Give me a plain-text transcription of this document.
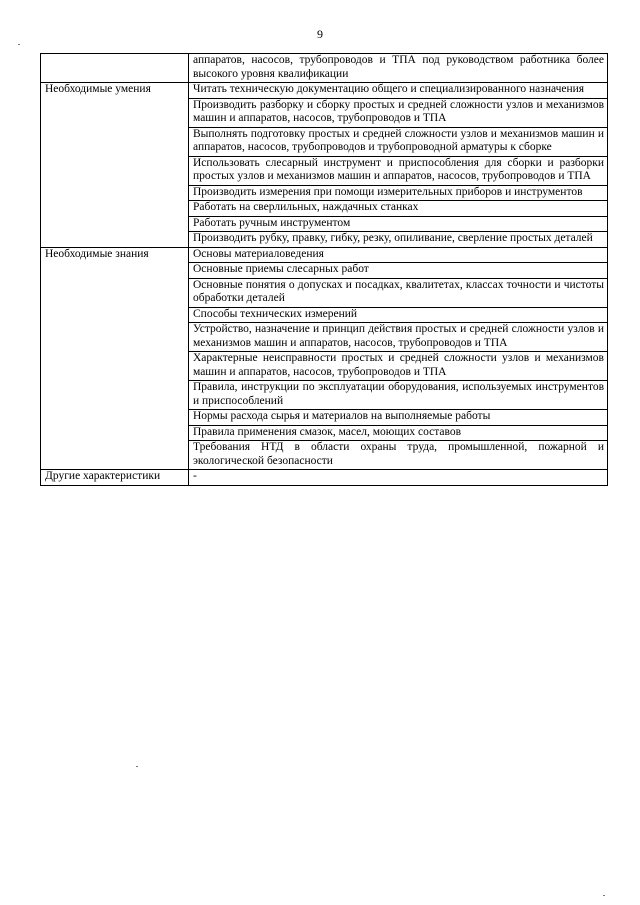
9
	аппаратов, насосов, трубопроводов и ТПА под руководством работника более высокого уровня квалификации
Необходимые умения	Читать техническую документацию общего и специализированного назначения
	Производить разборку и сборку простых и средней сложности узлов и механизмов машин и аппаратов, насосов, трубопроводов и ТПА
	Выполнять подготовку простых и средней сложности узлов и механизмов машин и аппаратов, насосов, трубопроводов и трубопроводной арматуры к сборке
	Использовать слесарный инструмент и приспособления для сборки и разборки простых узлов и механизмов машин и аппаратов, насосов, трубопроводов и ТПА
	Производить измерения при помощи измерительных приборов и инструментов
	Работать на сверлильных, наждачных станках
	Работать ручным инструментом
	Производить рубку, правку, гибку, резку, опиливание, сверление простых деталей
Необходимые знания	Основы материаловедения
	Основные приемы слесарных работ
	Основные понятия о допусках и посадках, квалитетах, классах точности и чистоты обработки деталей
	Способы технических измерений
	Устройство, назначение и принцип действия простых и средней сложности узлов и механизмов машин и аппаратов, насосов, трубопроводов и ТПА
	Характерные неисправности простых и средней сложности узлов и механизмов машин и аппаратов, насосов, трубопроводов и ТПА
	Правила, инструкции по эксплуатации оборудования, используемых инструментов и приспособлений
	Нормы расхода сырья и материалов на выполняемые работы
	Правила применения смазок, масел, моющих составов
	Требования НТД в области охраны труда, промышленной, пожарной и экологической безопасности
Другие характеристики	-
